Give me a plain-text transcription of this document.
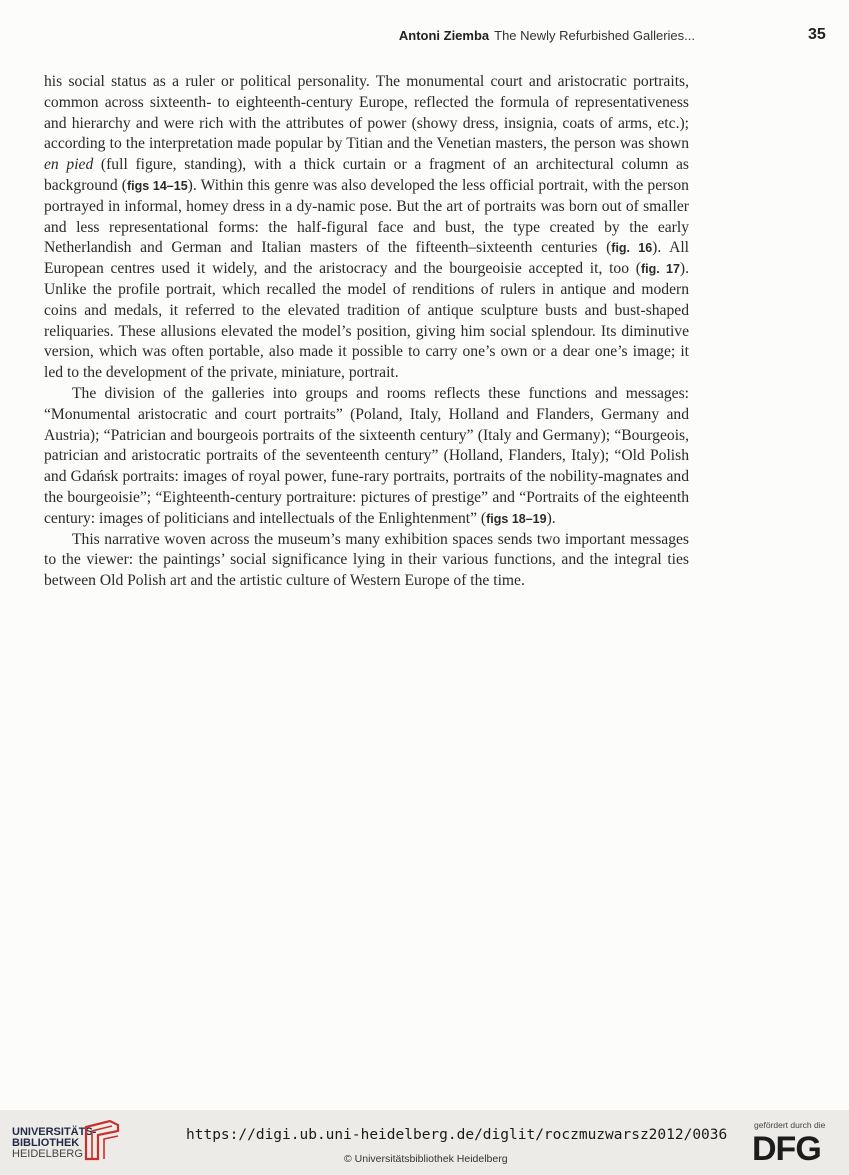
Antoni Ziemba The Newly Refurbished Galleries...	35

his social status as a ruler or political personality. The monumental court and aristocratic portraits, common across sixteenth- to eighteenth-century Europe, reflected the formula of representativeness and hierarchy and were rich with the attributes of power (showy dress, insignia, coats of arms, etc.); according to the interpretation made popular by Titian and the Venetian masters, the person was shown en pied (full figure, standing), with a thick curtain or a fragment of an architectural column as background (figs 14–15). Within this genre was also developed the less official portrait, with the person portrayed in informal, homey dress in a dy-namic pose. But the art of portraits was born out of smaller and less representational forms: the half-figural face and bust, the type created by the early Netherlandish and German and Italian masters of the fifteenth–sixteenth centuries (fig. 16). All European centres used it widely, and the aristocracy and the bourgeoisie accepted it, too (fig. 17). Unlike the profile portrait, which recalled the model of renditions of rulers in antique and modern coins and medals, it referred to the elevated tradition of antique sculpture busts and bust-shaped reliquaries. These allusions elevated the model’s position, giving him social splendour. Its diminutive version, which was often portable, also made it possible to carry one’s own or a dear one’s image; it led to the development of the private, miniature, portrait.

The division of the galleries into groups and rooms reflects these functions and messages: “Monumental aristocratic and court portraits” (Poland, Italy, Holland and Flanders, Germany and Austria); “Patrician and bourgeois portraits of the sixteenth century” (Italy and Germany); “Bourgeois, patrician and aristocratic portraits of the seventeenth century” (Holland, Flanders, Italy); “Old Polish and Gdańsk portraits: images of royal power, fune-rary portraits, portraits of the nobility-magnates and the bourgeoisie”; “Eighteenth-century portraiture: pictures of prestige” and “Portraits of the eighteenth century: images of politicians and intellectuals of the Enlightenment” (figs 18–19).

This narrative woven across the museum’s many exhibition spaces sends two important messages to the viewer: the paintings’ social significance lying in their various functions, and the integral ties between Old Polish art and the artistic culture of Western Europe of the time.

UNIVERSITÄTS-
BIBLIOTHEK
HEIDELBERG
https://digi.ub.uni-heidelberg.de/diglit/roczmuzwarsz2012/0036
© Universitätsbibliothek Heidelberg
gefördert durch die
DFG
